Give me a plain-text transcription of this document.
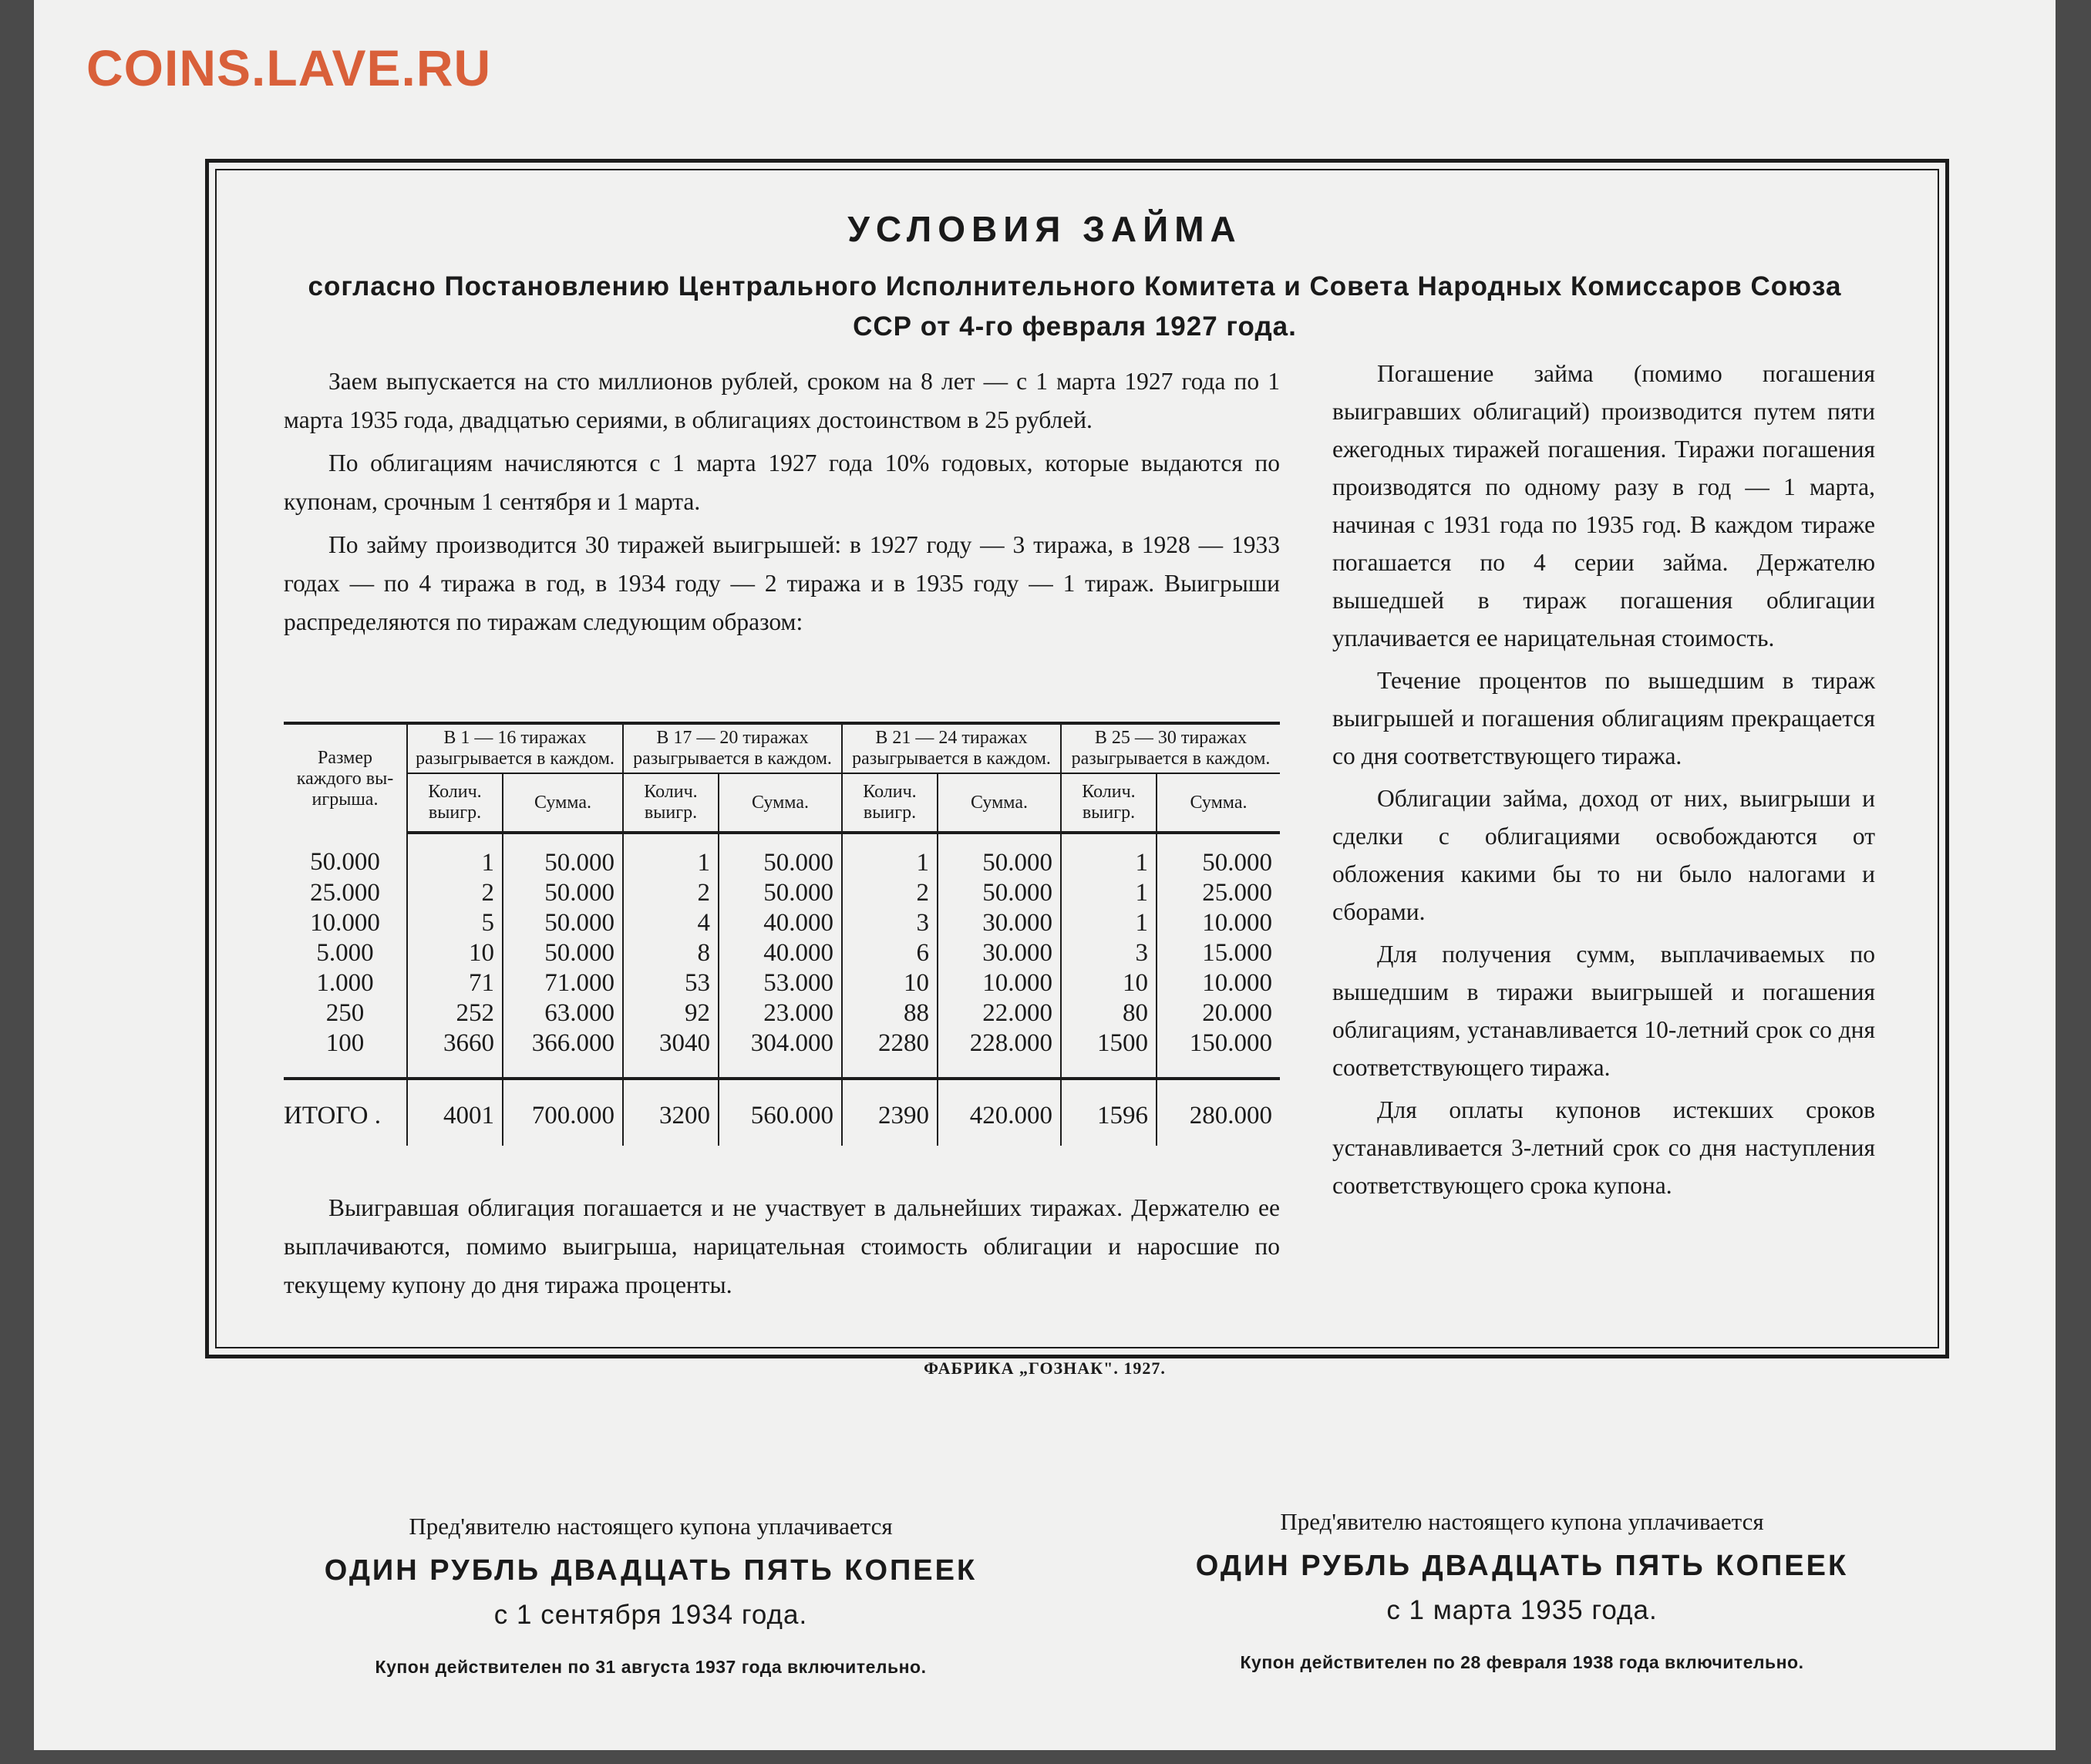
COINS.LAVE.RU
УСЛОВИЯ ЗАЙМА
согласно Постановлению Центрального Исполнительного Комитета и Совета Народных Комиссаров Союза ССР от 4-го февраля 1927 года.

Заем выпускается на сто миллионов рублей, сроком на 8 лет — с 1 марта 1927 года по 1 марта 1935 года, двадцатью сериями, в облигациях достоинством в 25 рублей.

По облигациям начисляются с 1 марта 1927 года 10% годовых, которые выдаются по купонам, срочным 1 сентября и 1 марта.

По займу производится 30 тиражей выигрышей: в 1927 году — 3 тиража, в 1928 — 1933 годах — по 4 тиража в год, в 1934 году — 2 тиража и в 1935 году — 1 тираж. Выигрыши распределяются по тиражам следующим образом:

Размер каждого вы-игрыша.	В 1 — 16 тиражах разыгрывается в каждом.		В 17 — 20 тиражах разыгрывается в каждом.		В 21 — 24 тиражах разыгрывается в каждом.		В 25 — 30 тиражах разыгрывается в каждом.	
	Колич. выигр.	Сумма.	Колич. выигр.	Сумма.	Колич. выигр.	Сумма.	Колич. выигр.	Сумма.
50.000	1	50.000	1	50.000	1	50.000	1	50.000
25.000	2	50.000	2	50.000	2	50.000	1	25.000
10.000	5	50.000	4	40.000	3	30.000	1	10.000
5.000	10	50.000	8	40.000	6	30.000	3	15.000
1.000	71	71.000	53	53.000	10	10.000	10	10.000
250	252	63.000	92	23.000	88	22.000	80	20.000
100	3660	366.000	3040	304.000	2280	228.000	1500	150.000
ИТОГО .	4001	700.000	3200	560.000	2390	420.000	1596	280.000

Выигравшая облигация погашается и не участвует в дальнейших тиражах. Держателю ее выплачиваются, помимо выигрыша, нарицательная стоимость облигации и наросшие по текущему купону до дня тиража проценты.

Погашение займа (помимо погашения выигравших облигаций) производится путем пяти ежегодных тиражей погашения. Тиражи погашения производятся по одному разу в год — 1 марта, начиная с 1931 года по 1935 год. В каждом тираже погашается по 4 серии займа. Держателю вышедшей в тираж погашения облигации уплачивается ее нарицательная стоимость.

Течение процентов по вышедшим в тираж выигрышей и погашения облигациям прекращается со дня соответствующего тиража.

Облигации займа, доход от них, выигрыши и сделки с облигациями освобождаются от обложения какими бы то ни было налогами и сборами.

Для получения сумм, выплачиваемых по вышедшим в тиражи выигрышей и погашения облигациям, устанавливается 10-летний срок со дня соответствующего тиража.

Для оплаты купонов истекших сроков устанавливается 3-летний срок со дня наступления соответствующего срока купона.

ФАБРИКА „ГОЗНАК". 1927.
Пред'явителю настоящего купона уплачивается
ОДИН РУБЛЬ ДВАДЦАТЬ ПЯТЬ КОПЕЕК
с 1 сентября 1934 года.
Купон действителен по 31 августа 1937 года включительно.
Пред'явителю настоящего купона уплачивается
ОДИН РУБЛЬ ДВАДЦАТЬ ПЯТЬ КОПЕЕК
с 1 марта 1935 года.
Купон действителен по 28 февраля 1938 года включительно.
